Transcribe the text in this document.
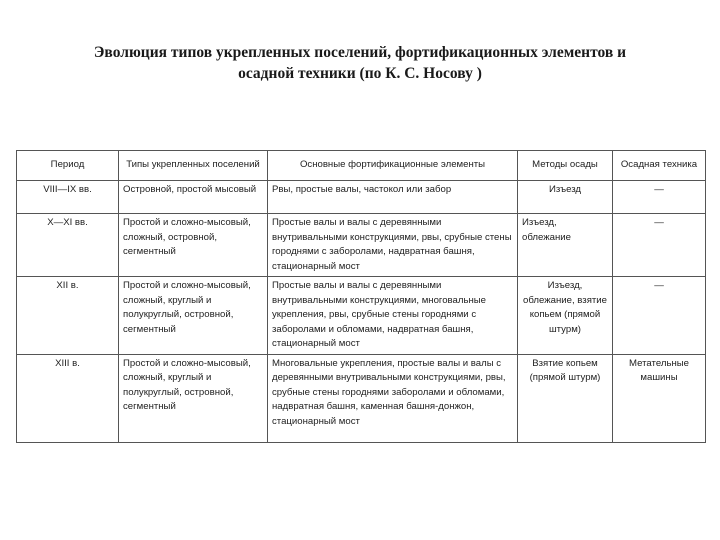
Эволюция типов укрепленных поселений, фортификационных элементов и
осадной техники (по К. С. Носову )
Период	Типы укрепленных поселений	Основные фортификационные элементы	Методы осады	Осадная техника
VIII—IX вв.	Островной, простой мысовый	Рвы, простые валы, частокол или забор	Изъезд	—
X—XI вв.	Простой и сложно-мысовый, сложный, островной, сегментный	Простые валы и валы с деревянными внутривальными конструкциями, рвы, срубные стены городнями с заборолами, надвратная башня, стационарный мост	Изъезд, облежание	—
XII в.	Простой и сложно-мысовый, сложный, круглый и полукруглый, островной, сегментный	Простые валы и валы с деревянными внутривальными конструкциями, многовальные укрепления, рвы, срубные стены городнями с заборолами и обломами, надвратная башня, стационарный мост	Изъезд, облежание, взятие копьем (прямой штурм)	—
XIII в.	Простой и сложно-мысовый, сложный, круглый и полукруглый, островной, сегментный	Многовальные укрепления, простые валы и валы с деревянными внутривальными конструкциями, рвы, срубные стены городнями заборолами и обломами, надвратная башня, каменная башня-донжон, стационарный мост	Взятие копьем (прямой штурм)	Метательные машины
